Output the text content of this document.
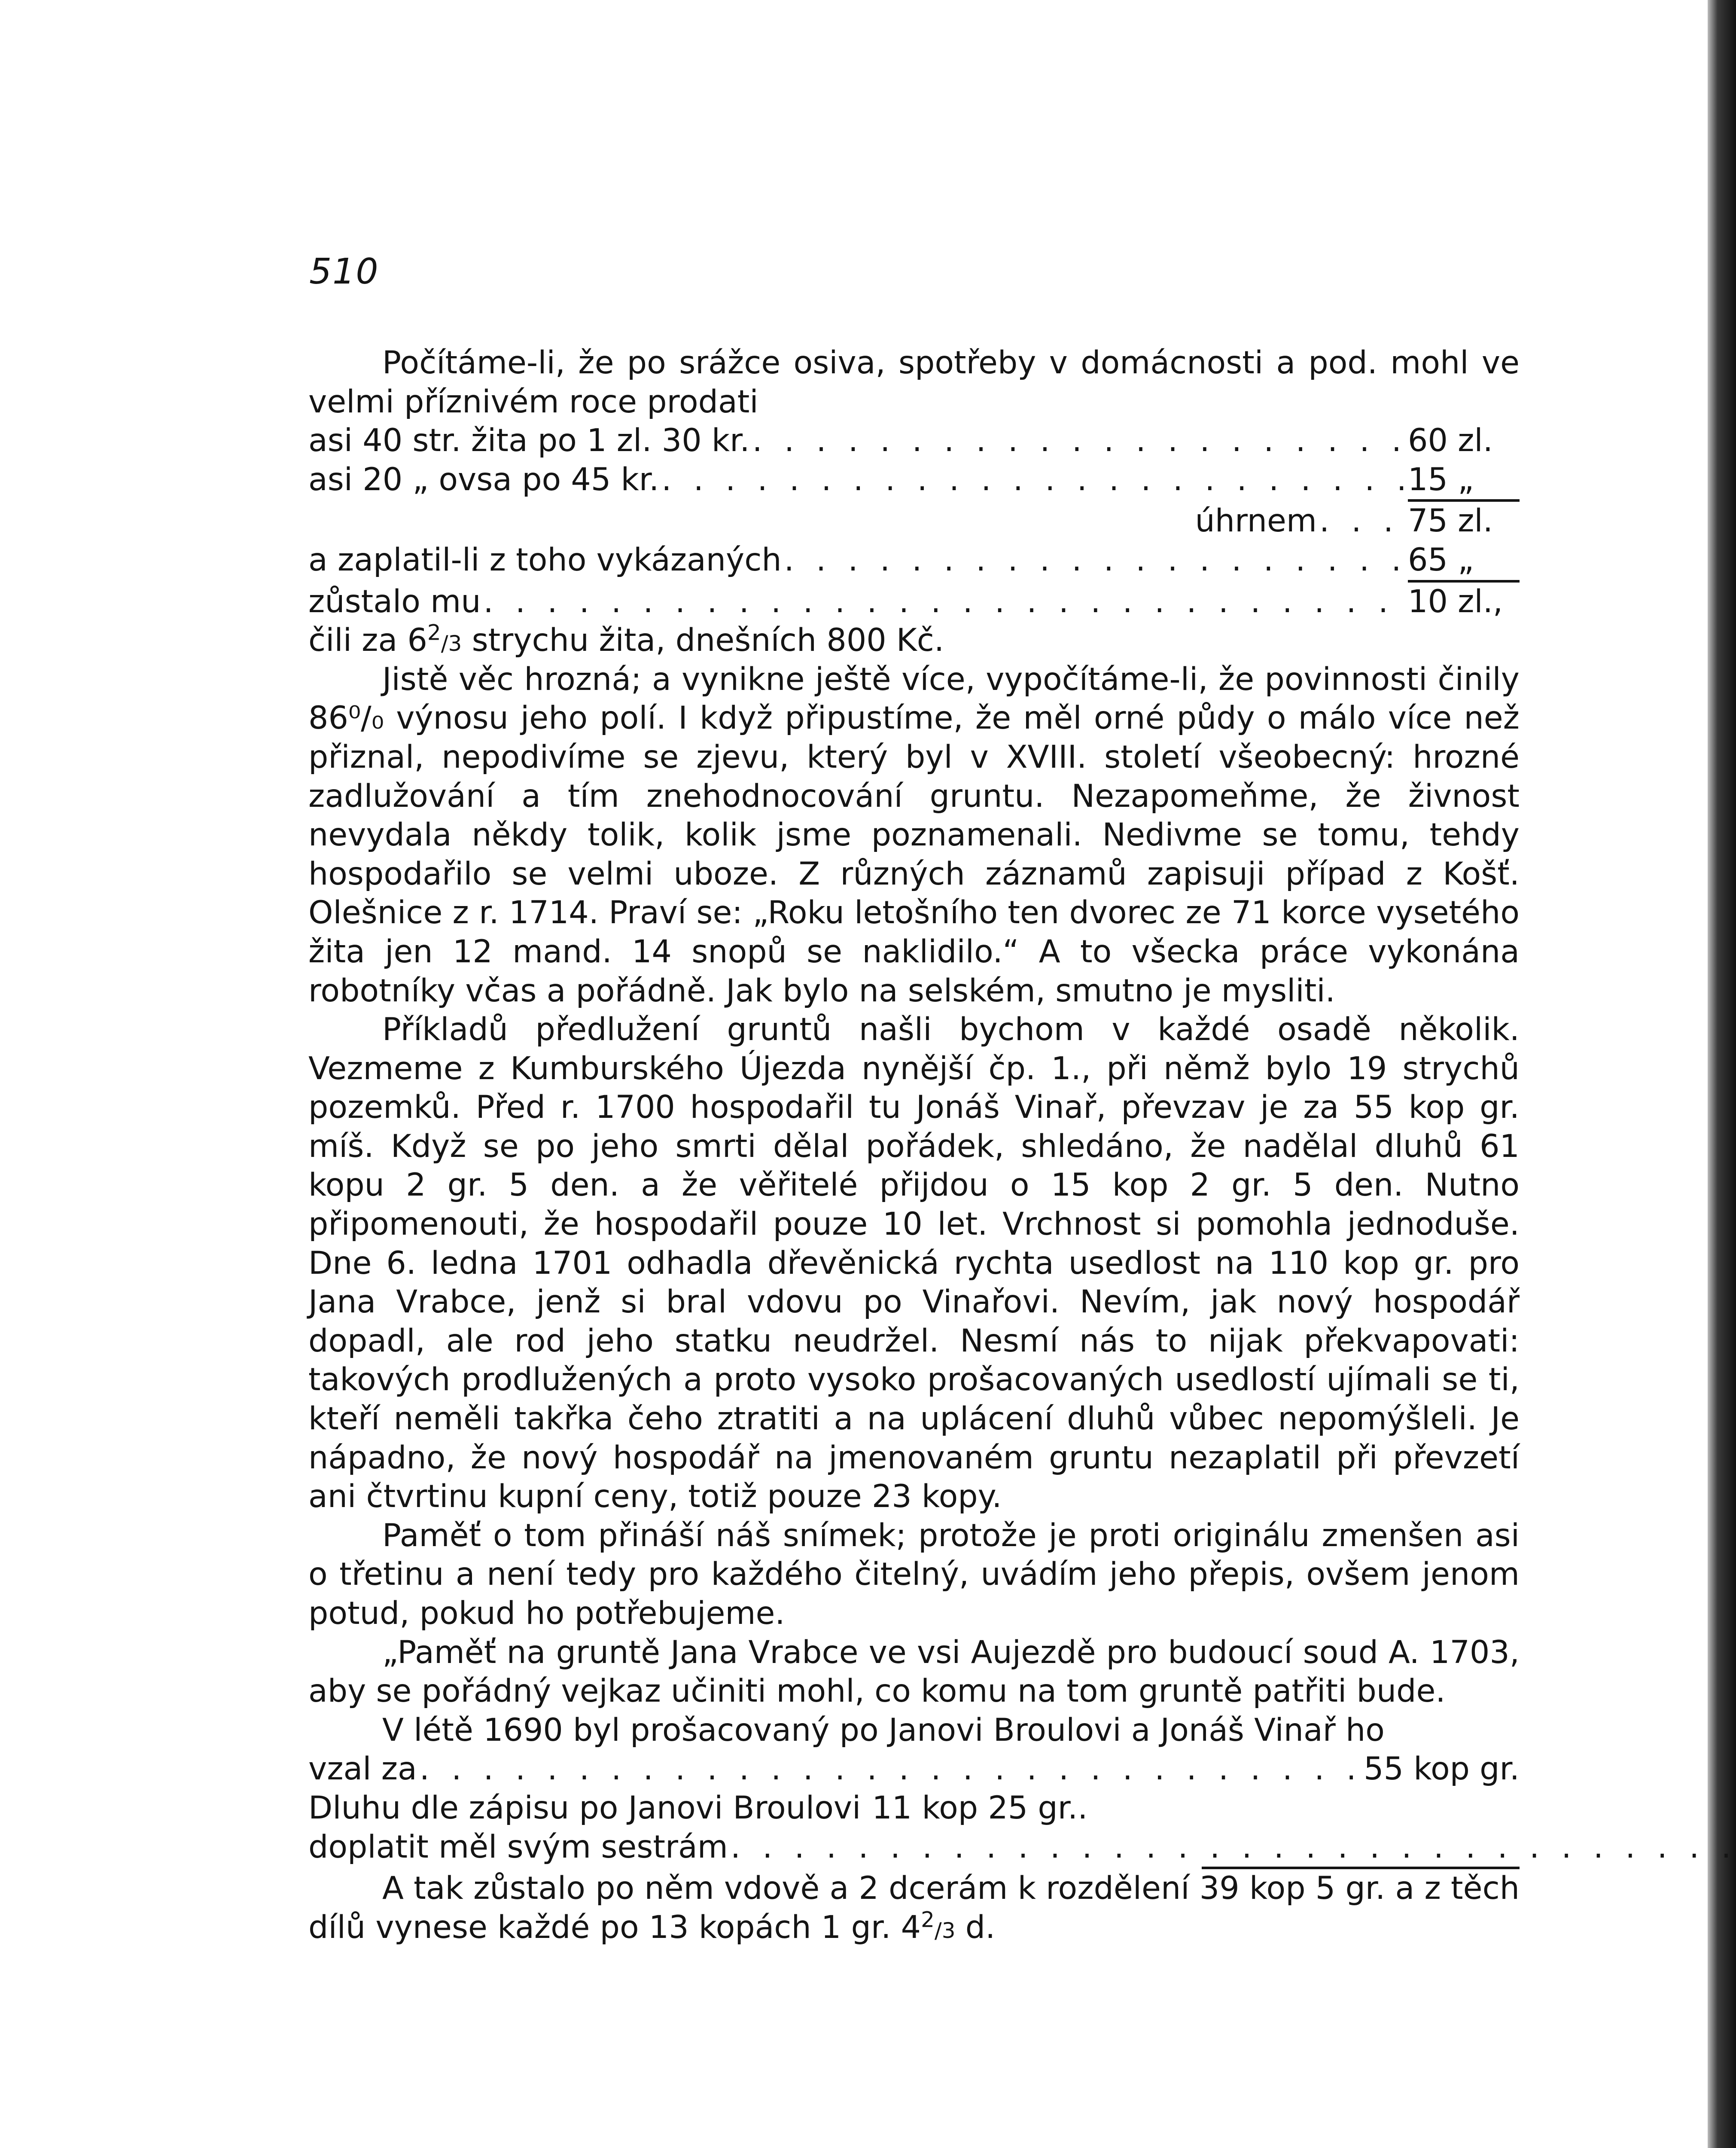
510

Počítáme-li, že po srážce osiva, spotřeby v domácnosti a pod. mohl ve velmi příznivém roce prodati

asi 40 str. žita po 1 zl. 30 kr. . . .	60 zl.
asi 20 „ ovsa po 45 kr. . . .	15 „
úhrnem . . .	75 zl.
a zaplatil-li z toho vykázaných . . .	65 „
zůstalo mu . . .	10 zl.,

čili za $6^2/3$ strychu žita, dnešních 800 Kč.

Jistě věc hrozná; a vynikne ještě více, vypočítáme-li, že povinnosti činily 86⁰/₀ výnosu jeho polí. I když připustíme, že měl orné půdy o málo více než přiznal, nepodivíme se zjevu, který byl v XVIII. století všeobecný: hrozné zadlužování a tím znehodnocování gruntu. Nezapomeňme, že živnost nevydala někdy tolik, kolik jsme poznamenali. Nedivme se tomu, tehdy hospodařilo se velmi uboze. Z různých záznamů zapisuji případ z Košť. Olešnice z r. 1714. Praví se: „Roku letošního ten dvorec ze 71 korce vysetého žita jen 12 mand. 14 snopů se naklidilo.“ A to všecka práce vykonána robotníky včas a pořádně. Jak bylo na selském, smutno je mysliti.

Příkladů předlužení gruntů našli bychom v každé osadě několik. Vezmeme z Kumburského Újezda nynější čp. 1., při němž bylo 19 strychů pozemků. Před r. 1700 hospodařil tu Jonáš Vinař, převzav je za 55 kop gr. míš. Když se po jeho smrti dělal pořádek, shledáno, že nadělal dluhů 61 kopu 2 gr. 5 den. a že věřitelé přijdou o 15 kop 2 gr. 5 den. Nutno připomenouti, že hospodařil pouze 10 let. Vrchnost si pomohla jednoduše. Dne 6. ledna 1701 odhadla dřevěnická rychta usedlost na 110 kop gr. pro Jana Vrabce, jenž si bral vdovu po Vinařovi. Nevím, jak nový hospodář dopadl, ale rod jeho statku neudržel. Nesmí nás to nijak překvapovati: takových prodlužených a proto vysoko prošacovaných usedlostí ujímali se ti, kteří neměli takřka čeho ztratiti a na uplácení dluhů vůbec nepomýšleli. Je nápadno, že nový hospodář na jmenovaném gruntu nezaplatil při převzetí ani čtvrtinu kupní ceny, totiž pouze 23 kopy.

Paměť o tom přináší náš snímek; protože je proti originálu zmenšen asi o třetinu a není tedy pro každého čitelný, uvádím jeho přepis, ovšem jenom potud, pokud ho potřebujeme.

„Paměť na gruntě Jana Vrabce ve vsi Aujezdě pro budoucí soud A. 1703, aby se pořádný vejkaz učiniti mohl, co komu na tom gruntě patřiti bude.

V létě 1690 byl prošacovaný po Janovi Broulovi a Jonáš Vinař ho

vzal za . . .	55 kop gr.
Dluhu dle zápisu po Janovi Broulovi 11 kop 25 gr. .
doplatit měl svým sestrám
. . .

A tak zůstalo po něm vdově a 2 dcerám k rozdělení 39 kop 5 gr. a z těch dílů vynese každé po 13 kopách 1 gr. $4^2/3$ d.
